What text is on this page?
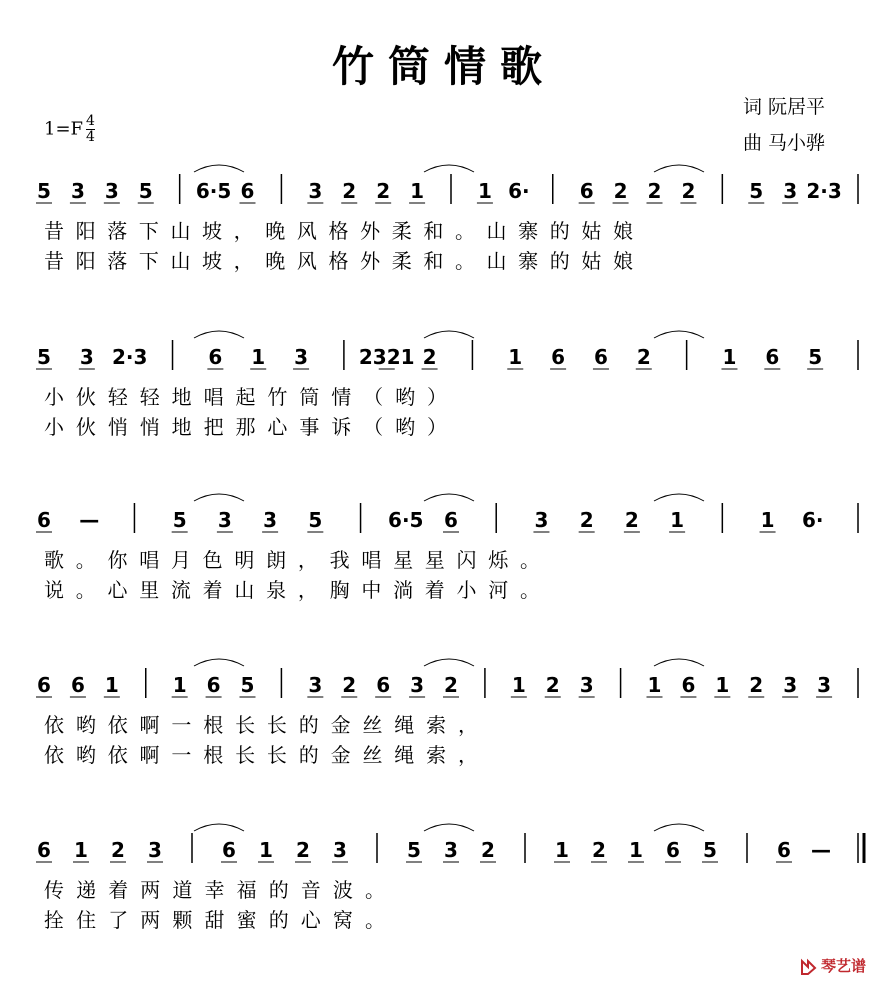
竹筒情歌
词 阮居平
曲 马小骅
$1=F \frac{4}{4}$
5 3 3 5 6·5 6	3 2 2 1	1 6·	6 2 2 2	5 3 2·3
昔阳落下山坡，晚风格外柔和。山寨的姑娘
昔阳落下山坡，晚风格外柔和。山寨的姑娘
5 3 2·3	6 1 3	2321 2	1 6 6 2	1 6 5
小伙轻轻地唱起竹筒情（哟）
小伙悄悄地把那心事诉（哟）
6 —	5 3 3 5	6·5 6	3 2 2 1	1 6·
歌。你唱月色明朗，我唱星星闪烁。
说。心里流着山泉，胸中淌着小河。
6 6 1	1 6 5	3 2 6 3 2	1 2 3	1 6 1 2 3 3
依哟依啊一根长长的金丝绳索，
依哟依啊一根长长的金丝绳索，
6 1 2 3	6 1 2 3	5 3 2	1 2 1 6 5	6 —
传递着两道幸福的音波。
拴住了两颗甜蜜的心窝。
琴艺谱
